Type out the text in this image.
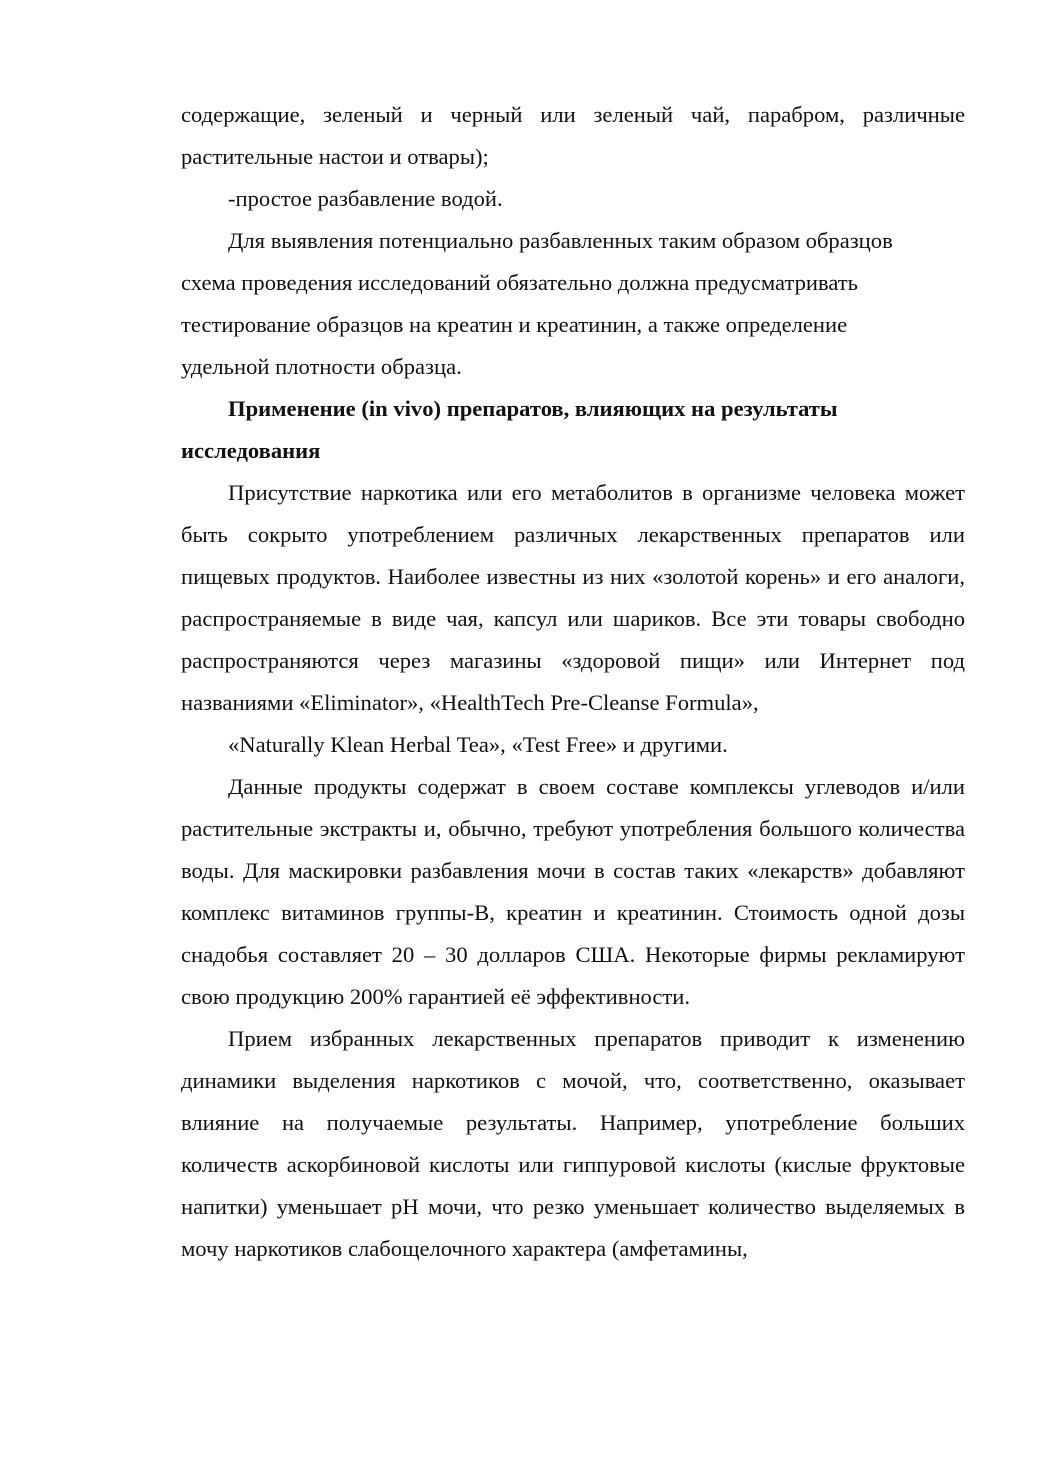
содержащие, зеленый и черный или зеленый чай, парабром, различные растительные настои и отвары);

-простое разбавление водой.

Для выявления потенциально разбавленных таким образом образцов
схема проведения исследований обязательно должна предусматривать
тестирование образцов на креатин и креатинин, а также определение
удельной плотности образца.

Применение (in vivo) препаратов, влияющих на результаты исследования

Присутствие наркотика или его метаболитов в организме человека может быть сокрыто употреблением различных лекарственных препаратов или пищевых продуктов. Наиболее известны из них «золотой корень» и его аналоги, распространяемые в виде чая, капсул или шариков. Все эти товары свободно распространяются через магазины «здоровой пищи» или Интернет под названиями «Eliminator», «HealthTech Pre-Cleanse Formula»,

«Naturally Klean Herbal Tea», «Test Free» и другими.

Данные продукты содержат в своем составе комплексы углеводов и/или растительные экстракты и, обычно, требуют употребления большого количества воды. Для маскировки разбавления мочи в состав таких «лекарств» добавляют комплекс витаминов группы-В, креатин и креатинин. Стоимость одной дозы снадобья составляет 20 – 30 долларов США. Некоторые фирмы рекламируют свою продукцию 200% гарантией её эффективности.

Прием избранных лекарственных препаратов приводит к изменению динамики выделения наркотиков с мочой, что, соответственно, оказывает влияние на получаемые результаты. Например, употребление больших количеств аскорбиновой кислоты или гиппуровой кислоты (кислые фруктовые напитки) уменьшает pH мочи, что резко уменьшает количество выделяемых в мочу наркотиков слабощелочного характера (амфетамины,
